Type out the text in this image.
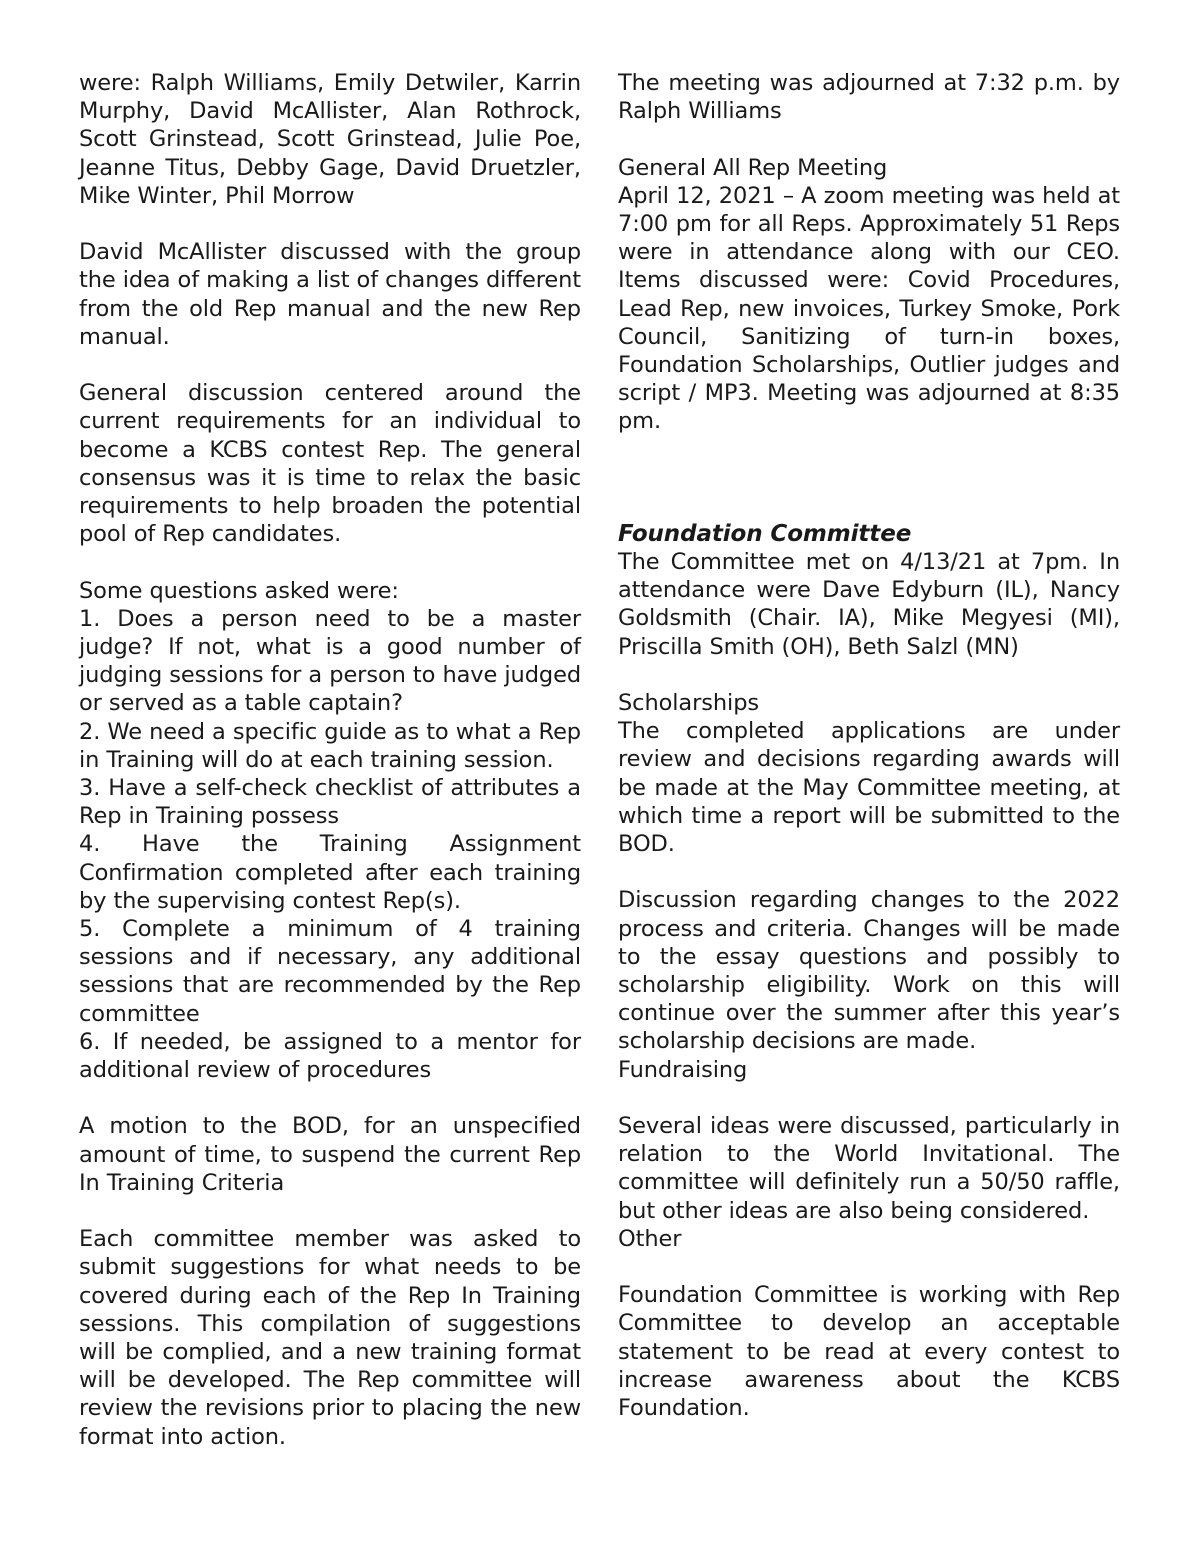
were: Ralph Williams, Emily Detwiler, Karrin Murphy, David McAllister, Alan Rothrock, Scott Grinstead, Scott Grinstead, Julie Poe, Jeanne Titus, Debby Gage, David Druetzler, Mike Winter, Phil Morrow

David McAllister discussed with the group the idea of making a list of changes different from the old Rep manual and the new Rep manual.

General discussion centered around the current requirements for an individual to become a KCBS contest Rep. The general consensus was it is time to relax the basic requirements to help broaden the potential pool of Rep candidates.

Some questions asked were:

1. Does a person need to be a master judge? If not, what is a good number of judging sessions for a person to have judged or served as a table captain?
2. We need a specific guide as to what a Rep in Training will do at each training session.
3. Have a self-check checklist of attributes a Rep in Training possess
4. Have the Training Assignment Confirmation completed after each training by the supervising contest Rep(s).
5. Complete a minimum of 4 training sessions and if necessary, any additional sessions that are recommended by the Rep committee
6. If needed, be assigned to a mentor for additional review of procedures

A motion to the BOD, for an unspecified amount of time, to suspend the current Rep In Training Criteria

Each committee member was asked to submit suggestions for what needs to be covered during each of the Rep In Training sessions. This compilation of suggestions will be complied, and a new training format will be developed. The Rep committee will review the revisions prior to placing the new format into action.

The meeting was adjourned at 7:32 p.m. by Ralph Williams

General All Rep Meeting

April 12, 2021 – A zoom meeting was held at 7:00 pm for all Reps. Approximately 51 Reps were in attendance along with our CEO. Items discussed were: Covid Procedures, Lead Rep, new invoices, Turkey Smoke, Pork Council, Sanitizing of turn-in boxes, Foundation Scholarships, Outlier judges and script / MP3. Meeting was adjourned at 8:35 pm.

Foundation Committee

The Committee met on 4/13/21 at 7pm. In attendance were Dave Edyburn (IL), Nancy Goldsmith (Chair. IA), Mike Megyesi (MI), Priscilla Smith (OH), Beth Salzl (MN)

Scholarships

The completed applications are under review and decisions regarding awards will be made at the May Committee meeting, at which time a report will be submitted to the BOD.

Discussion regarding changes to the 2022 process and criteria. Changes will be made to the essay questions and possibly to scholarship eligibility. Work on this will continue over the summer after this year’s scholarship decisions are made.

Fundraising

Several ideas were discussed, particularly in relation to the World Invitational. The committee will definitely run a 50/50 raffle, but other ideas are also being considered.

Other

Foundation Committee is working with Rep Committee to develop an acceptable statement to be read at every contest to increase awareness about the KCBS Foundation.
